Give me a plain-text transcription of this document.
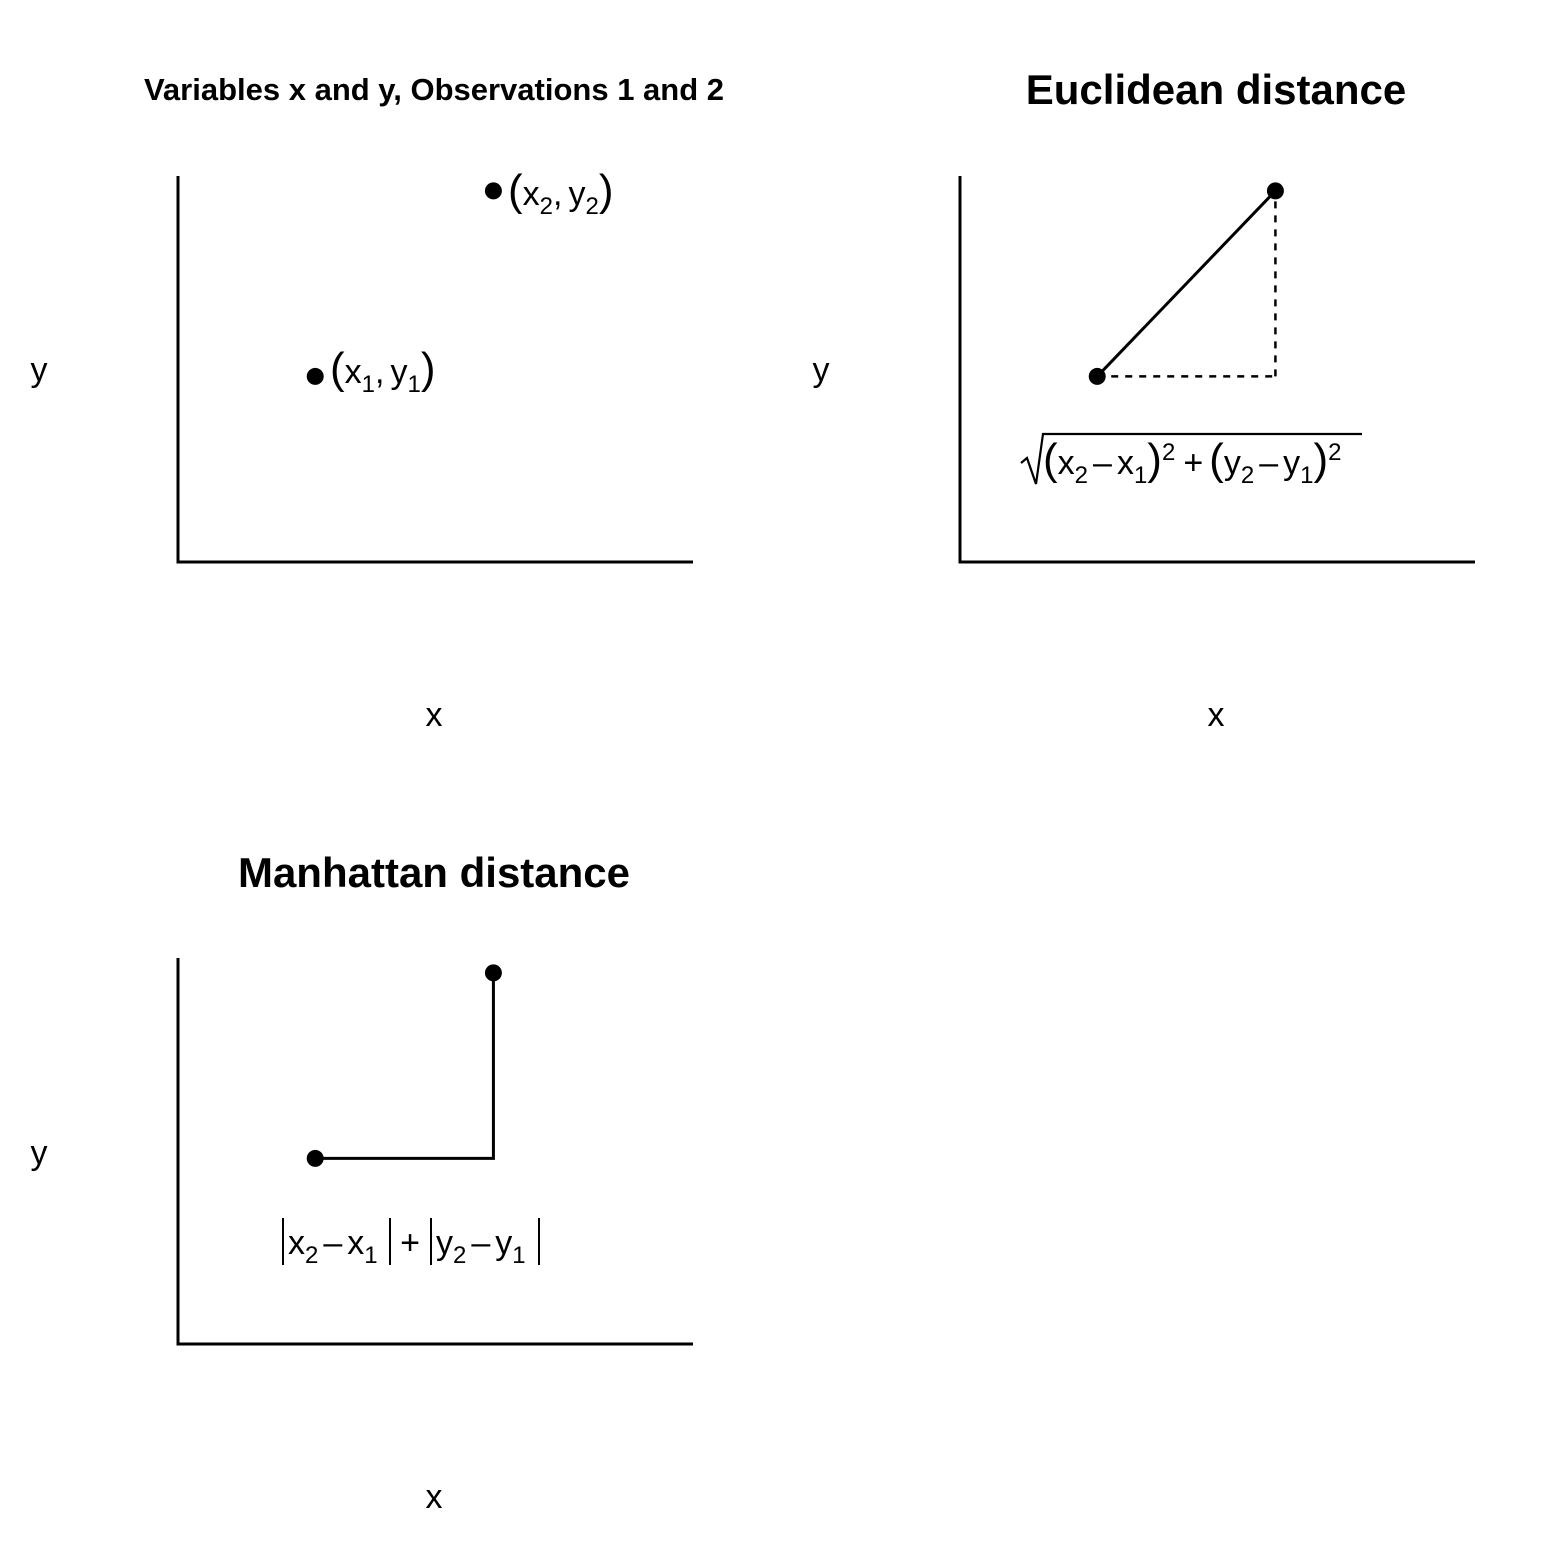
Variables x and y, Observations 1 and 2
x
y	($x_1$, $y_1$)
($x_2$, $y_2$)
Euclidean distance
x
y
$(x_2 - x_1)^2 + (y_2 - y_1)^2$
Manhattan distance
x
y
$x_2 - x_1 + y_2 - y_1$
